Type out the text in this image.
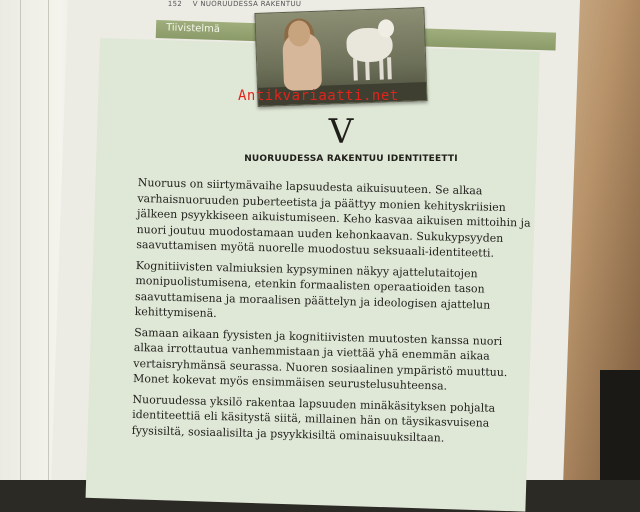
152 V NUORUUDESSA RAKENTUU
Tiivistelmä
Antikvariaatti.net
V
NUORUUDESSA RAKENTUU IDENTITEETTI

Nuoruus on siirtymävaihe lapsuudesta aikuisuuteen. Se alkaa varhaisnuoruuden puberteetista ja päättyy monien kehityskriisien jälkeen psyykkiseen aikuistumiseen. Keho kasvaa aikuisen mittoihin ja nuori joutuu muodostamaan uuden kehonkaavan. Sukukypsyyden saavuttamisen myötä nuorelle muodostuu seksuaali-identiteetti.

Kognitiivisten valmiuksien kypsyminen näkyy ajattelutaitojen monipuolistumisena, etenkin formaalisten operaatioiden tason saavuttamisena ja moraalisen päättelyn ja ideologisen ajattelun kehittymisenä.

Samaan aikaan fyysisten ja kognitiivisten muutosten kanssa nuori alkaa irrottautua vanhemmistaan ja viettää yhä enemmän aikaa vertaisryhmänsä seurassa. Nuoren sosiaalinen ympäristö muuttuu. Monet kokevat myös ensimmäisen seurustelusuhteensa.

Nuoruudessa yksilö rakentaa lapsuuden minäkäsityksen pohjalta identiteettiä eli käsitystä siitä, millainen hän on täysikasvuisena fyysisiltä, sosiaalisilta ja psyykkisiltä ominaisuuksiltaan.
